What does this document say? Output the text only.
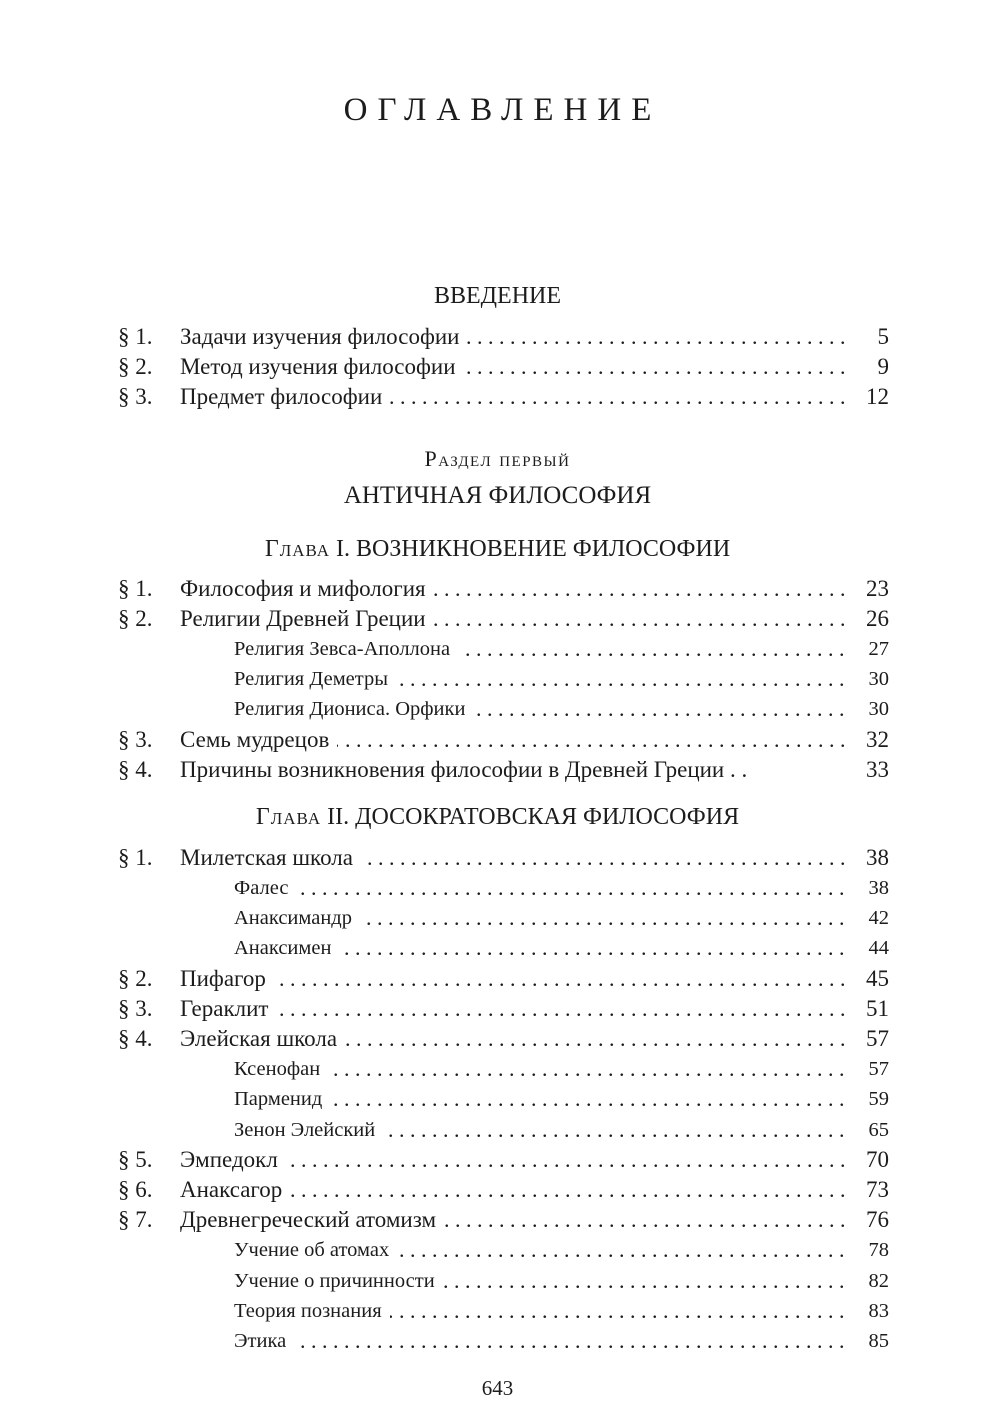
ОГЛАВЛЕНИЕ
ВВЕДЕНИЕ
§ 1. Задачи изучения философии . . .	5
§ 2. Метод изучения философии . . .	9
§ 3. Предмет философии . . .	12
Раздел первый
АНТИЧНАЯ ФИЛОСОФИЯ
Глава I. ВОЗНИКНОВЕНИЕ ФИЛОСОФИИ
§ 1. Философия и мифология . . .	23
§ 2. Религии Древней Греции . . .	26
Религия Зевса-Аполлона . . .	27
Религия Деметры . . .	30
Религия Диониса. Орфики . . .	30
§ 3. Семь мудрецов . . .	32
§ 4. Причины возникновения философии в Древней Греции . .	33
Глава II. ДОСОКРАТОВСКАЯ ФИЛОСОФИЯ
§ 1. Милетская школа . . .	38
Фалес . . .	38
Анаксимандр . . .	42
Анаксимен . . .	44
§ 2. Пифагор . . .	45
§ 3. Гераклит . . .	51
§ 4. Элейская школа . . .	57
Ксенофан . . .	57
Парменид . . .	59
Зенон Элейский . . .	65
§ 5. Эмпедокл . . .	70
§ 6. Анаксагор . . .	73
§ 7. Древнегреческий атомизм . . .	76
Учение об атомах . . .	78
Учение о причинности . . .	82
Теория познания . . .	83
Этика . . .	85
643
